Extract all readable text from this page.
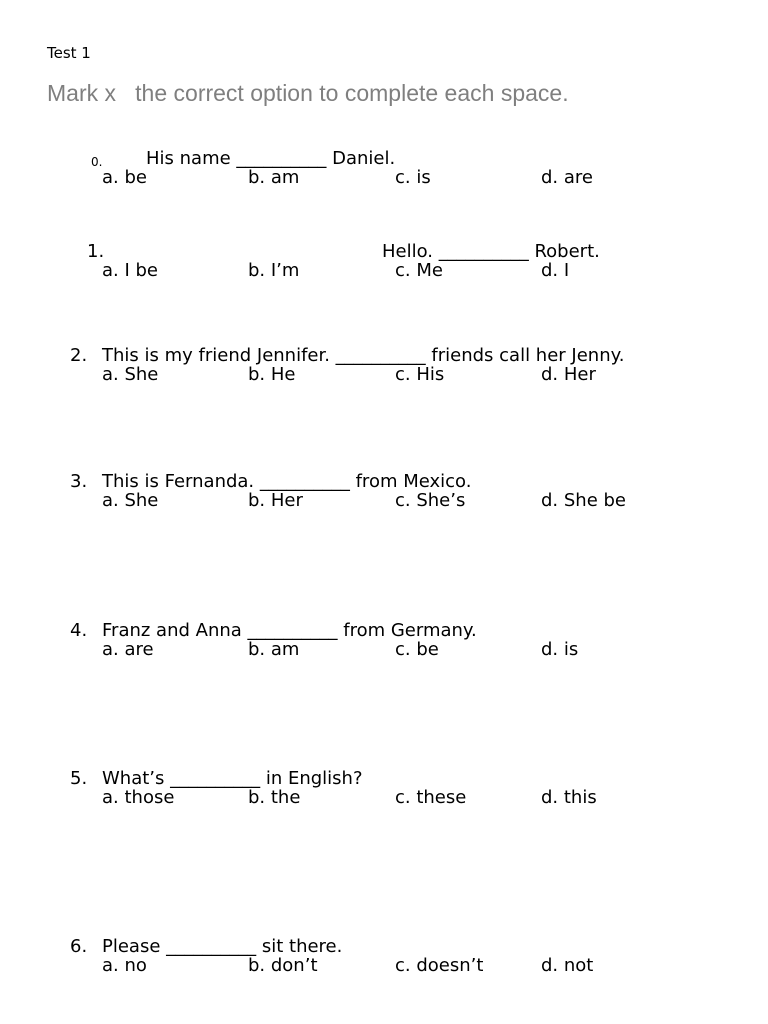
Test 1
Mark x   the correct option to complete each space.
0. His name __________ Daniel.
a. be	b. am	c. is	d. are
1.	Hello. __________ Robert.
a. I be	b. I’m	c. Me	d. I
2. This is my friend Jennifer. __________ friends call her Jenny.
a. She	b. He	c. His	d. Her
3. This is Fernanda. __________ from Mexico.
a. She	b. Her	c. She’s	d. She be
4. Franz and Anna __________ from Germany.
a. are	b. am	c. be	d. is
5. What’s __________ in English?
a. those	b. the	c. these	d. this
6. Please __________ sit there.
a. no	b. don’t	c. doesn’t	d. not
